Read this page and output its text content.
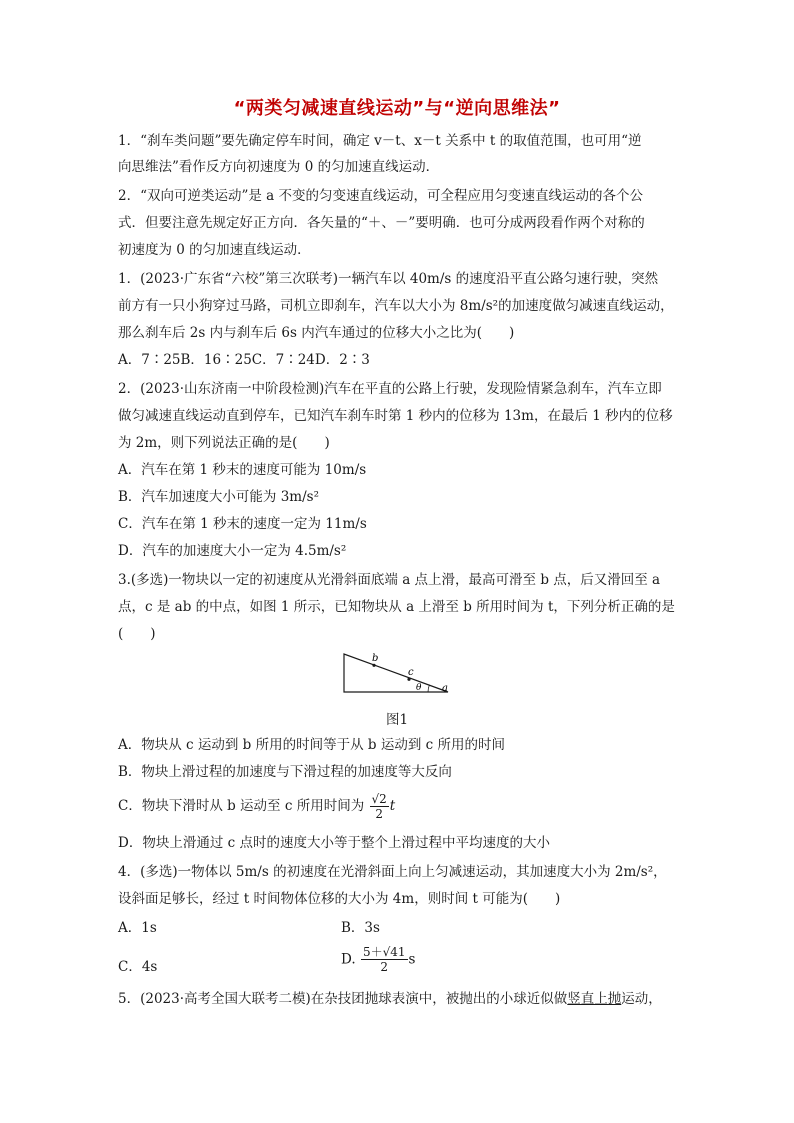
“两类匀减速直线运动”与“逆向思维法”
1．“刹车类问题”要先确定停车时间，确定 v－t、x－t 关系中 t 的取值范围，也可用“逆
向思维法”看作反方向初速度为 0 的匀加速直线运动．
2．“双向可逆类运动”是 a 不变的匀变速直线运动，可全程应用匀变速直线运动的各个公
式．但要注意先规定好正方向．各矢量的“＋、－”要明确．也可分成两段看作两个对称的
初速度为 0 的匀加速直线运动．
1．(2023·广东省“六校”第三次联考)一辆汽车以 40m/s 的速度沿平直公路匀速行驶，突然
前方有一只小狗穿过马路，司机立即刹车，汽车以大小为 8m/s²的加速度做匀减速直线运动，
那么刹车后 2s 内与刹车后 6s 内汽车通过的位移大小之比为(　　)
A．7∶25B．16∶25C．7∶24D．2∶3
2．(2023·山东济南一中阶段检测)汽车在平直的公路上行驶，发现险情紧急刹车，汽车立即
做匀减速直线运动直到停车，已知汽车刹车时第 1 秒内的位移为 13m，在最后 1 秒内的位移
为 2m，则下列说法正确的是(　　)
A．汽车在第 1 秒末的速度可能为 10m/s
B．汽车加速度大小可能为 3m/s²
C．汽车在第 1 秒末的速度一定为 11m/s
D．汽车的加速度大小一定为 4.5m/s²
3.(多选)一物块以一定的初速度从光滑斜面底端 a 点上滑，最高可滑至 b 点，后又滑回至 a
点，c 是 ab 的中点，如图 1 所示，已知物块从 a 上滑至 b 所用时间为 t，下列分析正确的是
(　　)
b
c
θ a
图1
A．物块从 c 运动到 b 所用的时间等于从 b 运动到 c 所用的时间
B．物块上滑过程的加速度与下滑过程的加速度等大反向
C．物块下滑时从 b 运动至 c 所用时间为 $\frac{√2}{2}$ t
D．物块上滑通过 c 点时的速度大小等于整个上滑过程中平均速度的大小
4．(多选)一物体以 5m/s 的初速度在光滑斜面上向上匀减速运动，其加速度大小为 2m/s²，
设斜面足够长，经过 t 时间物体位移的大小为 4m，则时间 t 可能为(　　)
A．1s	B．3s
C．4s	D. $\frac{5+√41}{2}$ s
5．(2023·高考全国大联考二模)在杂技团抛球表演中，被抛出的小球近似做竖直上抛运动，
